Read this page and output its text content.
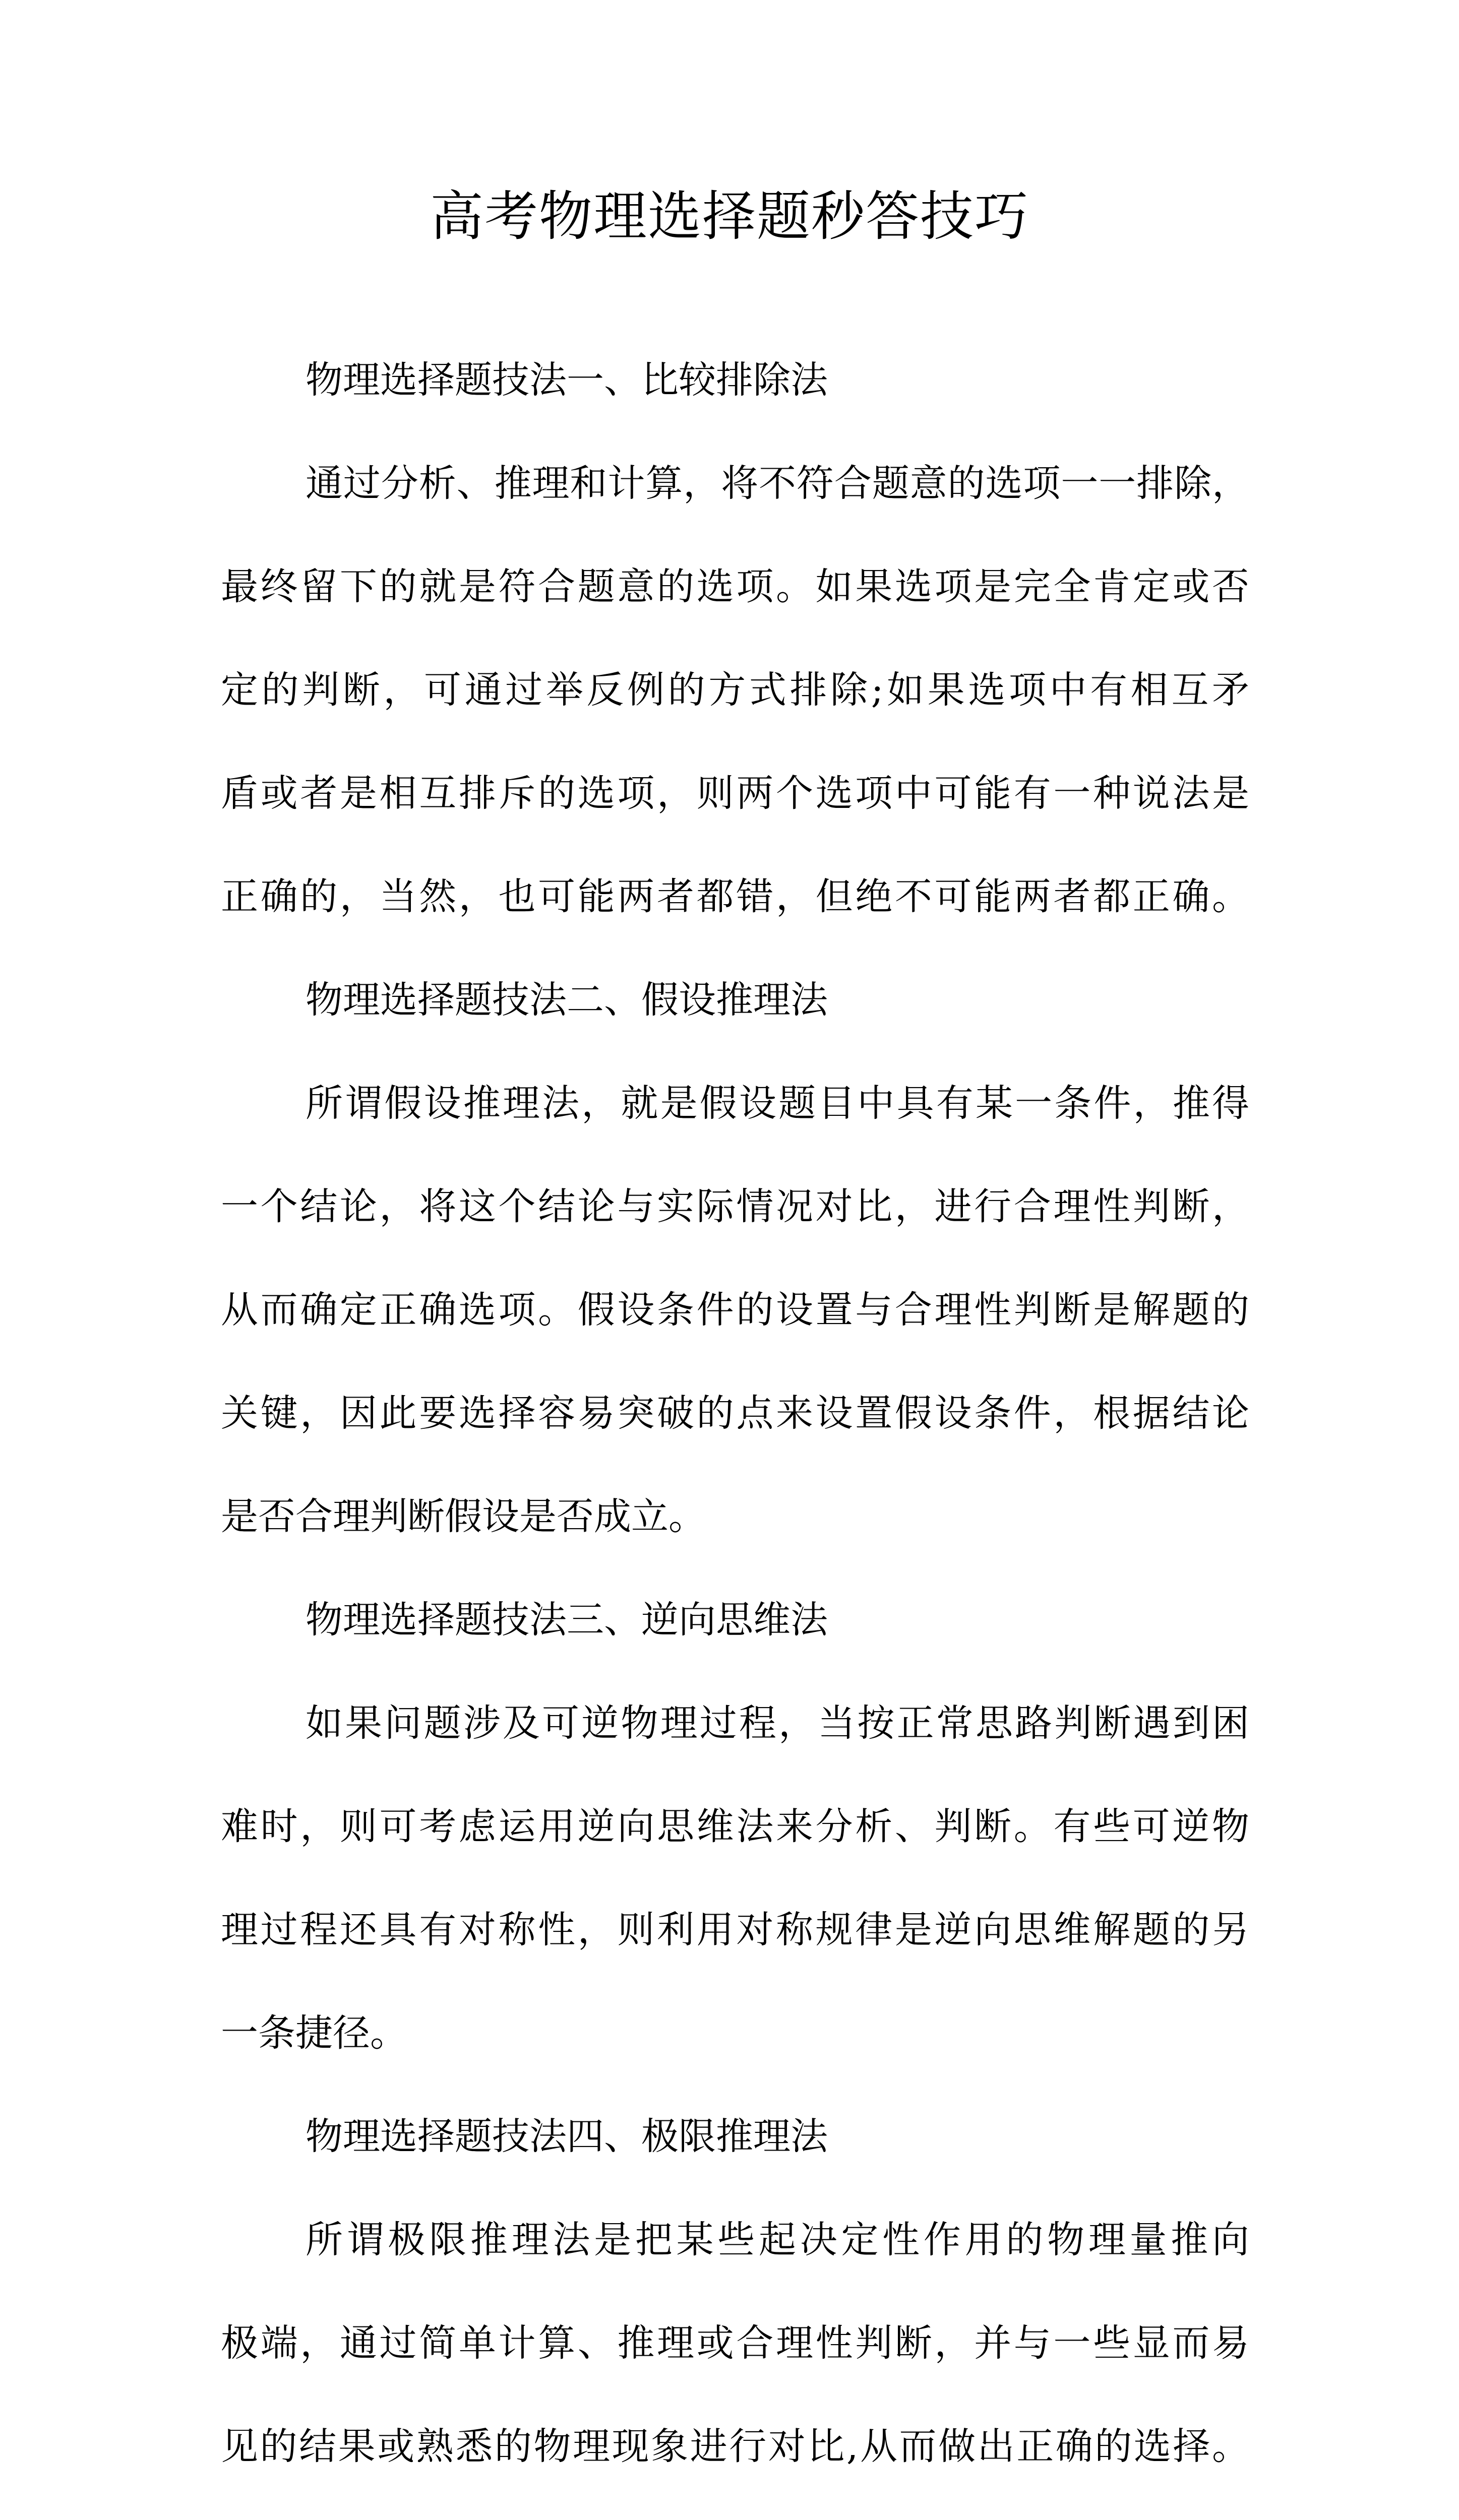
高考物理选择题秒答技巧
物理选择题技法一、比较排除法
通过分析、推理和计算，将不符合题意的选项一一排除，
最终留下的就是符合题意的选项。如果选项是完全肯定或否
定的判断，可通过举反例的方式排除;如果选项中有相互矛
盾或者是相互排斥的选项，则两个选项中可能有一种说法是
正确的，当然，也可能两者都错，但绝不可能两者都正确。
物理选择题技法二、假设推理法
所谓假设推理法，就是假设题目中具有某一条件，推得
一个结论，将这个结论与实际情况对比，进行合理性判断，
从而确定正确选项。假设条件的设置与合理性判断是解题的
关键，因此要选择容易突破的点来设置假设条件，根据结论
是否合理判断假设是否成立。
物理选择题技法三、逆向思维法
如果问题涉及可逆物理过程，当按正常思路判断遇到困
难时，则可考虑运用逆向思维法来分析、判断。有些可逆物
理过程还具有对称性，则利用对称规律是逆向思维解题的另
一条捷径。
物理选择题技法四、极限推理法
所谓极限推理法是把某些起决定性作用的物理量推向
极端，通过简单计算、推理或合理性判断，并与一些显而易
见的结果或熟悉的物理现象进行对比,从而做出正确的选择。
